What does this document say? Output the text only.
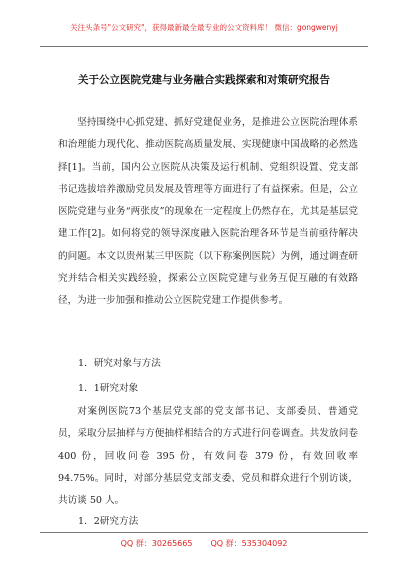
关注头条号"公文研究"，获得最新最全最专业的公文资料库！ 微信：gongwenyj
关于公立医院党建与业务融合实践探索和对策研究报告

坚持围绕中心抓党建、抓好党建促业务，是推进公立医院治理体系和治理能力现代化、推动医院高质量发展、实现健康中国战略的必然选择[1]。当前，国内公立医院从决策及运行机制、党组织设置、党支部书记选拔培养激励党员发展及管理等方面进行了有益探索。但是，公立医院党建与业务“两张皮”的现象在一定程度上仍然存在，尤其是基层党建工作[2]。如何将党的领导深度融入医院治理各环节是当前亟待解决的问题。本文以贵州某三甲医院（以下称案例医院）为例，通过调查研究并结合相关实践经验，探索公立医院党建与业务互促互融的有效路径，为进一步加强和推动公立医院党建工作提供参考。

1．研究对象与方法
1．1研究对象

对案例医院73个基层党支部的党支部书记、支部委员、普通党员，采取分层抽样与方便抽样相结合的方式进行问卷调查。共发放问卷 400 份，回收问卷 395 份，有效问卷 379 份，有效回收率 94.75%。同时，对部分基层党支部支委、党员和群众进行个别访谈，共访谈 50 人。

1．2研究方法
QQ 群：30265665 QQ 群：535304092
